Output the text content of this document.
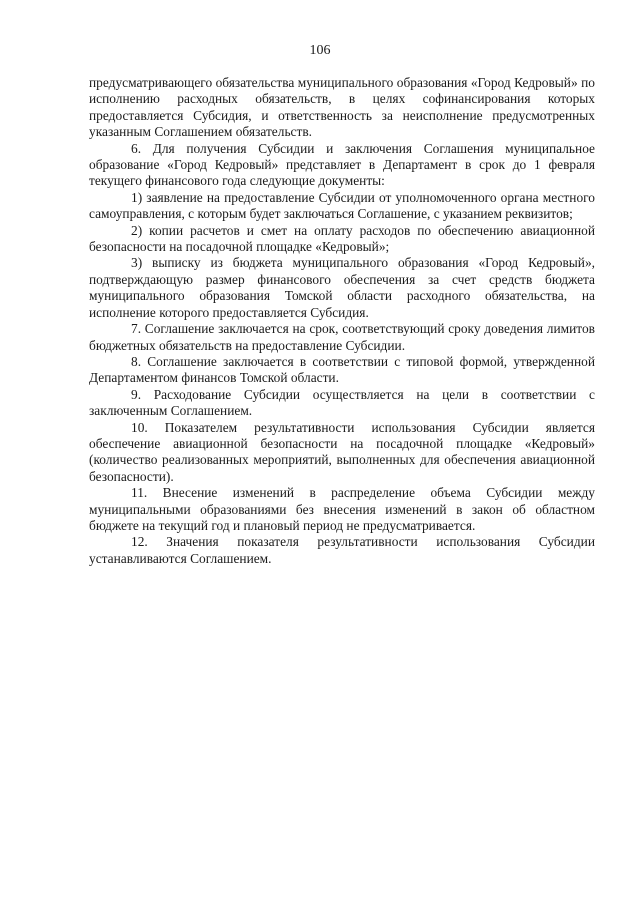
106

предусматривающего обязательства муниципального образования «Город Кедровый» по исполнению расходных обязательств, в целях софинансирования которых предоставляется Субсидия, и ответственность за неисполнение предусмотренных указанным Соглашением обязательств.

6. Для получения Субсидии и заключения Соглашения муниципальное образование «Город Кедровый» представляет в Департамент в срок до 1 февраля текущего финансового года следующие документы:

1) заявление на предоставление Субсидии от уполномоченного органа местного самоуправления, с которым будет заключаться Соглашение, с указанием реквизитов;

2) копии расчетов и смет на оплату расходов по обеспечению авиационной безопасности на посадочной площадке «Кедровый»;

3) выписку из бюджета муниципального образования «Город Кедровый», подтверждающую размер финансового обеспечения за счет средств бюджета муниципального образования Томской области расходного обязательства, на исполнение которого предоставляется Субсидия.

7. Соглашение заключается на срок, соответствующий сроку доведения лимитов бюджетных обязательств на предоставление Субсидии.

8. Соглашение заключается в соответствии с типовой формой, утвержденной Департаментом финансов Томской области.

9. Расходование Субсидии осуществляется на цели в соответствии с заключенным Соглашением.

10. Показателем результативности использования Субсидии является обеспечение авиационной безопасности на посадочной площадке «Кедровый» (количество реализованных мероприятий, выполненных для обеспечения авиационной безопасности).

11. Внесение изменений в распределение объема Субсидии между муниципальными образованиями без внесения изменений в закон об областном бюджете на текущий год и плановый период не предусматривается.

12. Значения показателя результативности использования Субсидии устанавливаются Соглашением.
